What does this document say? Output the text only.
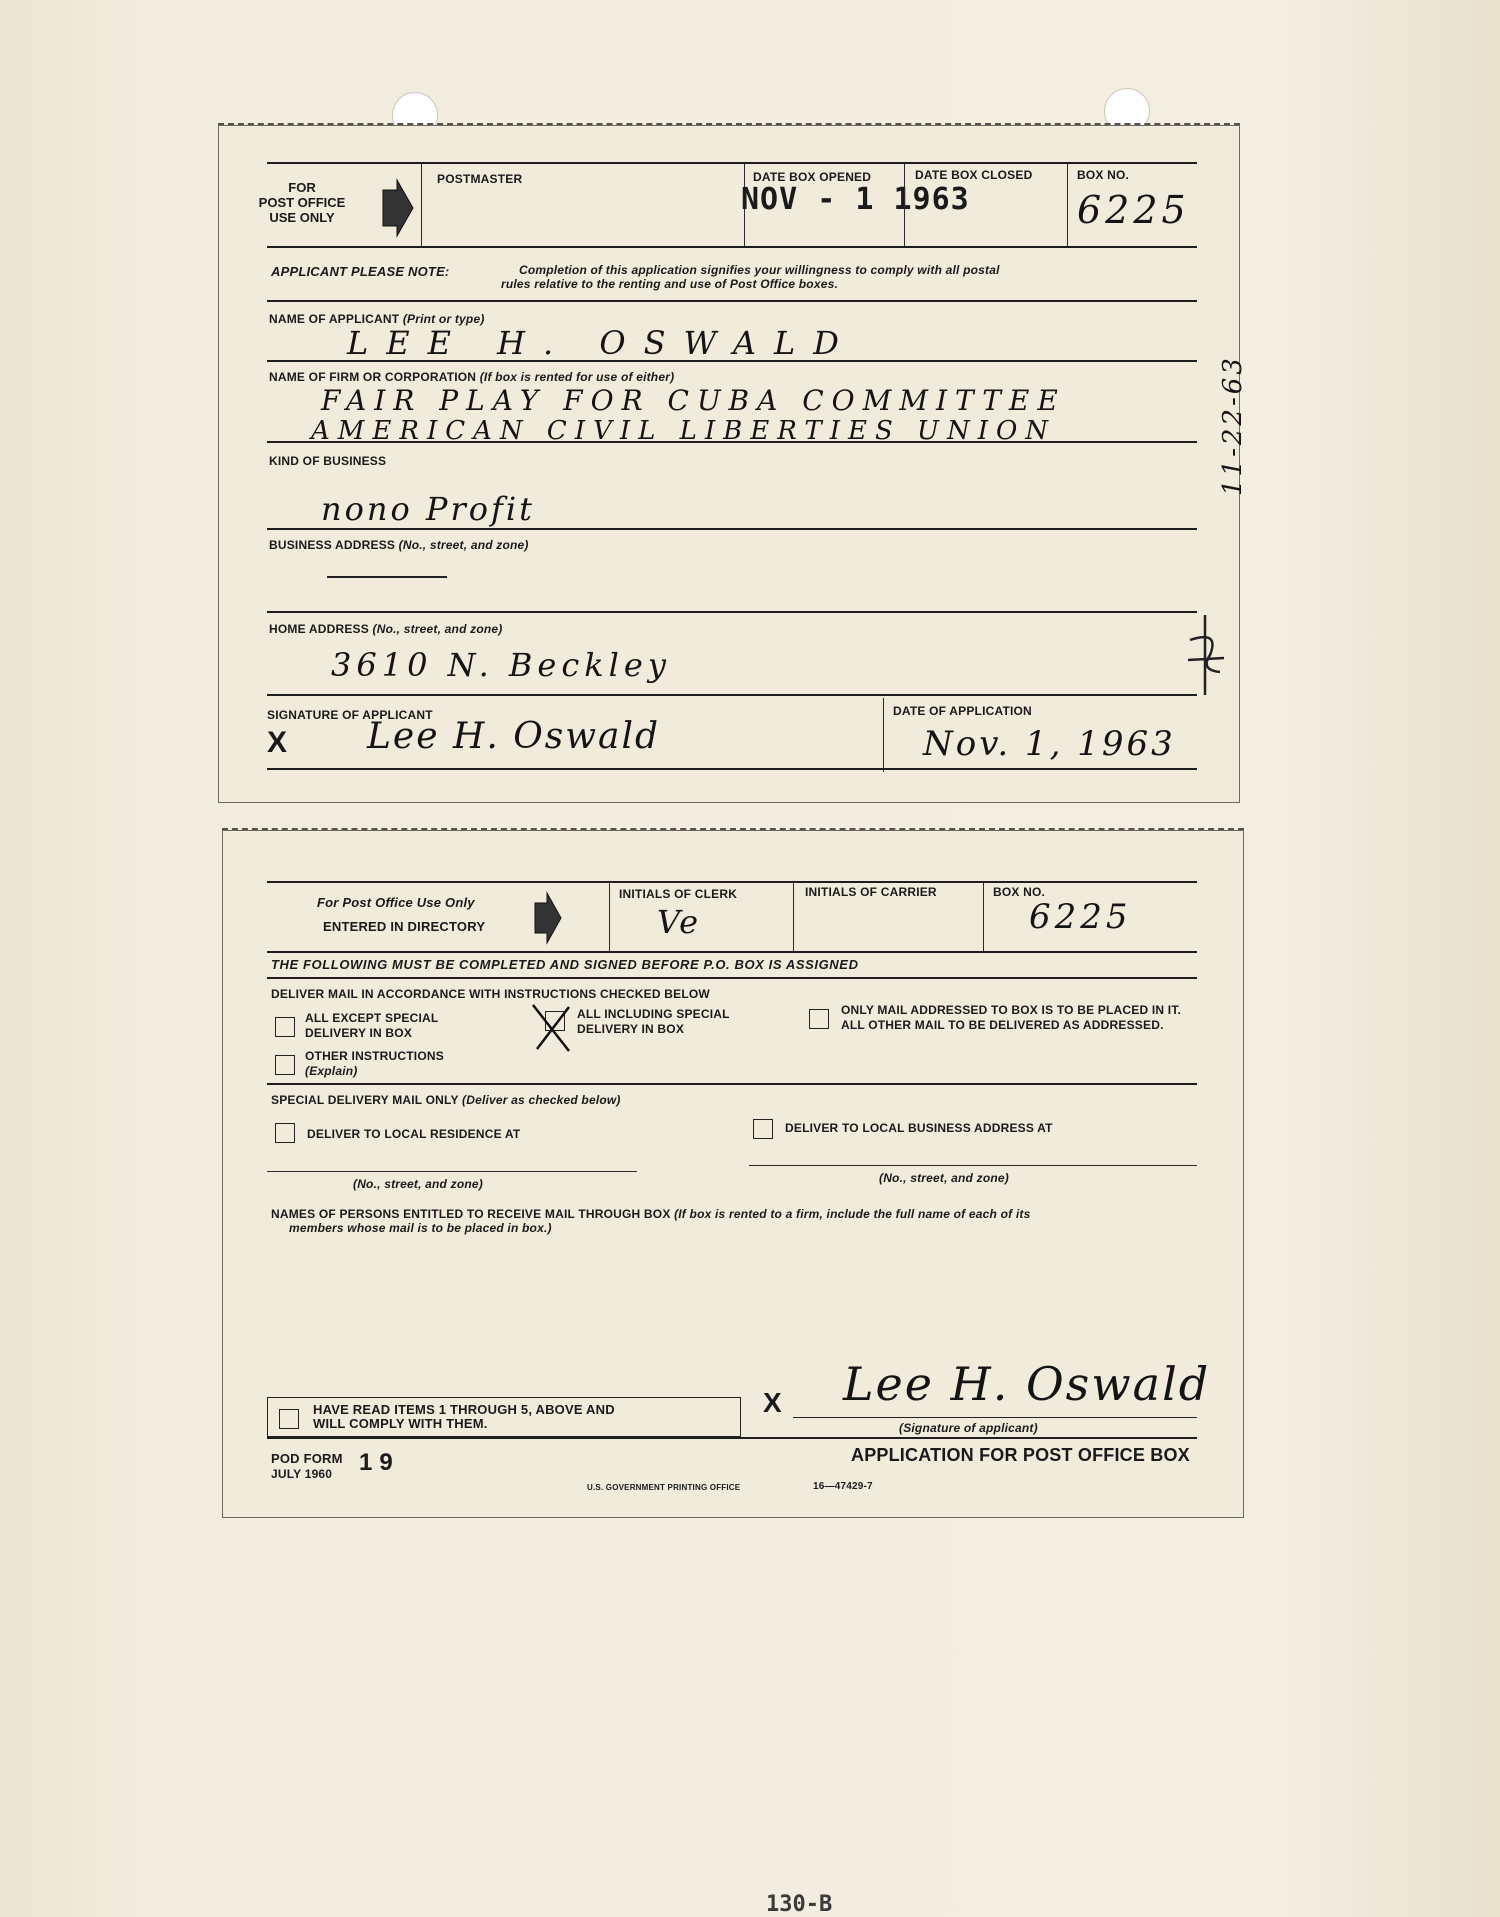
FOR
POST OFFICE
USE ONLY
POSTMASTER	DATE BOX OPENED
NOV - 1 1963
DATE BOX CLOSED	BOX NO.
6225
APPLICANT PLEASE NOTE:	Completion of this application signifies your willingness to comply with all postal
rules relative to the renting and use of Post Office boxes.
NAME OF APPLICANT (Print or type)
LEE H. OSWALD
NAME OF FIRM OR CORPORATION (If box is rented for use of either)
FAIR PLAY FOR CUBA COMMITTEE
AMERICAN CIVIL LIBERTIES UNION
KIND OF BUSINESS
nono Profit
BUSINESS ADDRESS (No., street, and zone)
HOME ADDRESS (No., street, and zone)
3610 N. Beckley
SIGNATURE OF APPLICANT
X Lee H. Oswald
DATE OF APPLICATION
Nov. 1, 1963
11-22-63
For Post Office Use Only
ENTERED IN DIRECTORY
INITIALS OF CLERK
Ve
INITIALS OF CARRIER	BOX NO.
6225
THE FOLLOWING MUST BE COMPLETED AND SIGNED BEFORE P.O. BOX IS ASSIGNED
DELIVER MAIL IN ACCORDANCE WITH INSTRUCTIONS CHECKED BELOW
ALL EXCEPT SPECIAL
DELIVERY IN BOX
ALL INCLUDING SPECIAL
DELIVERY IN BOX
ONLY MAIL ADDRESSED TO BOX IS TO BE PLACED IN IT.
ALL OTHER MAIL TO BE DELIVERED AS ADDRESSED.
OTHER INSTRUCTIONS
(Explain)
SPECIAL DELIVERY MAIL ONLY (Deliver as checked below)
DELIVER TO LOCAL RESIDENCE AT	DELIVER TO LOCAL BUSINESS ADDRESS AT
(No., street, and zone)	(No., street, and zone)
NAMES OF PERSONS ENTITLED TO RECEIVE MAIL THROUGH BOX (If box is rented to a firm, include the full name of each of its
members whose mail is to be placed in box.)
HAVE READ ITEMS 1 THROUGH 5, ABOVE AND
WILL COMPLY WITH THEM.
X Lee H. Oswald
(Signature of applicant)
POD FORM
JULY 1960 1 9	APPLICATION FOR POST OFFICE BOX
U.S. GOVERNMENT PRINTING OFFICE	16—47429-7
130-B
